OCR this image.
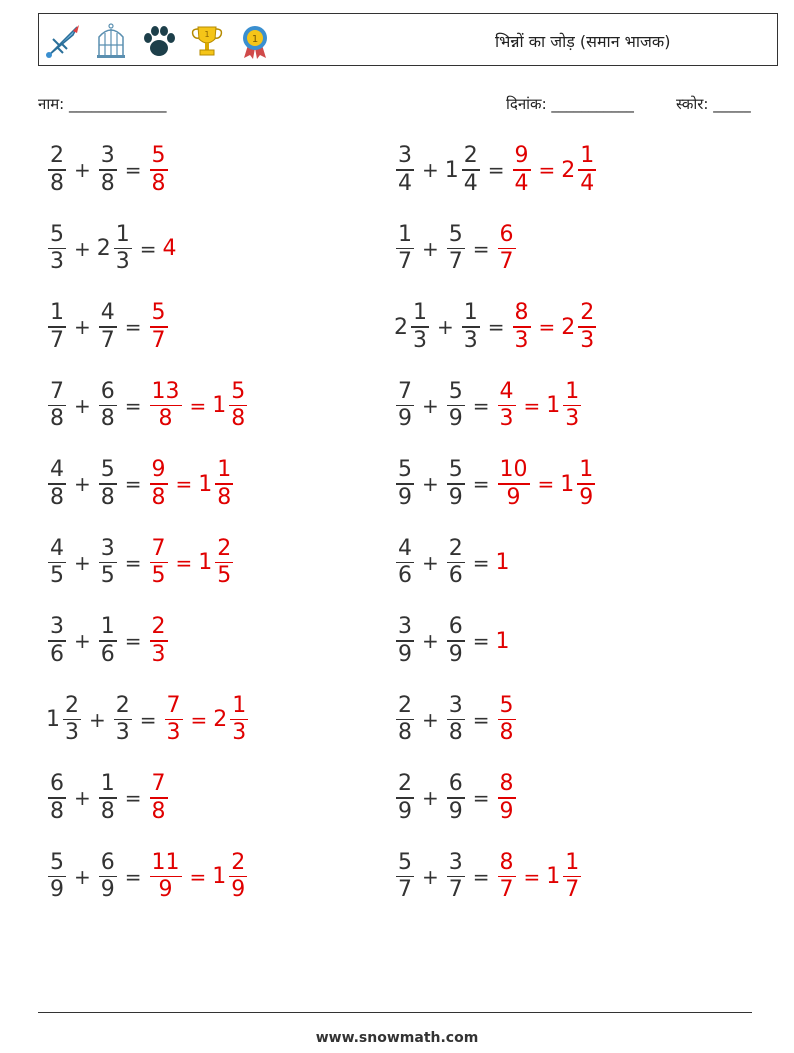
1	1	भिन्नों का जोड़ (समान भाजक)
नाम: _____________	दिनांक: ___________	स्कोर: _____
$\frac{2}{8} + \frac{3}{8} = \frac{5}{8}$	$\frac{3}{4} + 1 \frac{2}{4} = \frac{9}{4} = 2 \frac{1}{4}$
$\frac{5}{3} + 2 \frac{1}{3} = 4$	$\frac{1}{7} + \frac{5}{7} = \frac{6}{7}$
$\frac{1}{7} + \frac{4}{7} = \frac{5}{7}$	$2 \frac{1}{3} + \frac{1}{3} = \frac{8}{3} = 2 \frac{2}{3}$
$\frac{7}{8} + \frac{6}{8} = \frac{13}{8} = 1 \frac{5}{8}$	$\frac{7}{9} + \frac{5}{9} = \frac{4}{3} = 1 \frac{1}{3}$
$\frac{4}{8} + \frac{5}{8} = \frac{9}{8} = 1 \frac{1}{8}$	$\frac{5}{9} + \frac{5}{9} = \frac{10}{9} = 1 \frac{1}{9}$
$\frac{4}{5} + \frac{3}{5} = \frac{7}{5} = 1 \frac{2}{5}$	$\frac{4}{6} + \frac{2}{6} = 1$
$\frac{3}{6} + \frac{1}{6} = \frac{2}{3}$	$\frac{3}{9} + \frac{6}{9} = 1$
$1 \frac{2}{3} + \frac{2}{3} = \frac{7}{3} = 2 \frac{1}{3}$	$\frac{2}{8} + \frac{3}{8} = \frac{5}{8}$
$\frac{6}{8} + \frac{1}{8} = \frac{7}{8}$	$\frac{2}{9} + \frac{6}{9} = \frac{8}{9}$
$\frac{5}{9} + \frac{6}{9} = \frac{11}{9} = 1 \frac{2}{9}$	$\frac{5}{7} + \frac{3}{7} = \frac{8}{7} = 1 \frac{1}{7}$
www.snowmath.com
